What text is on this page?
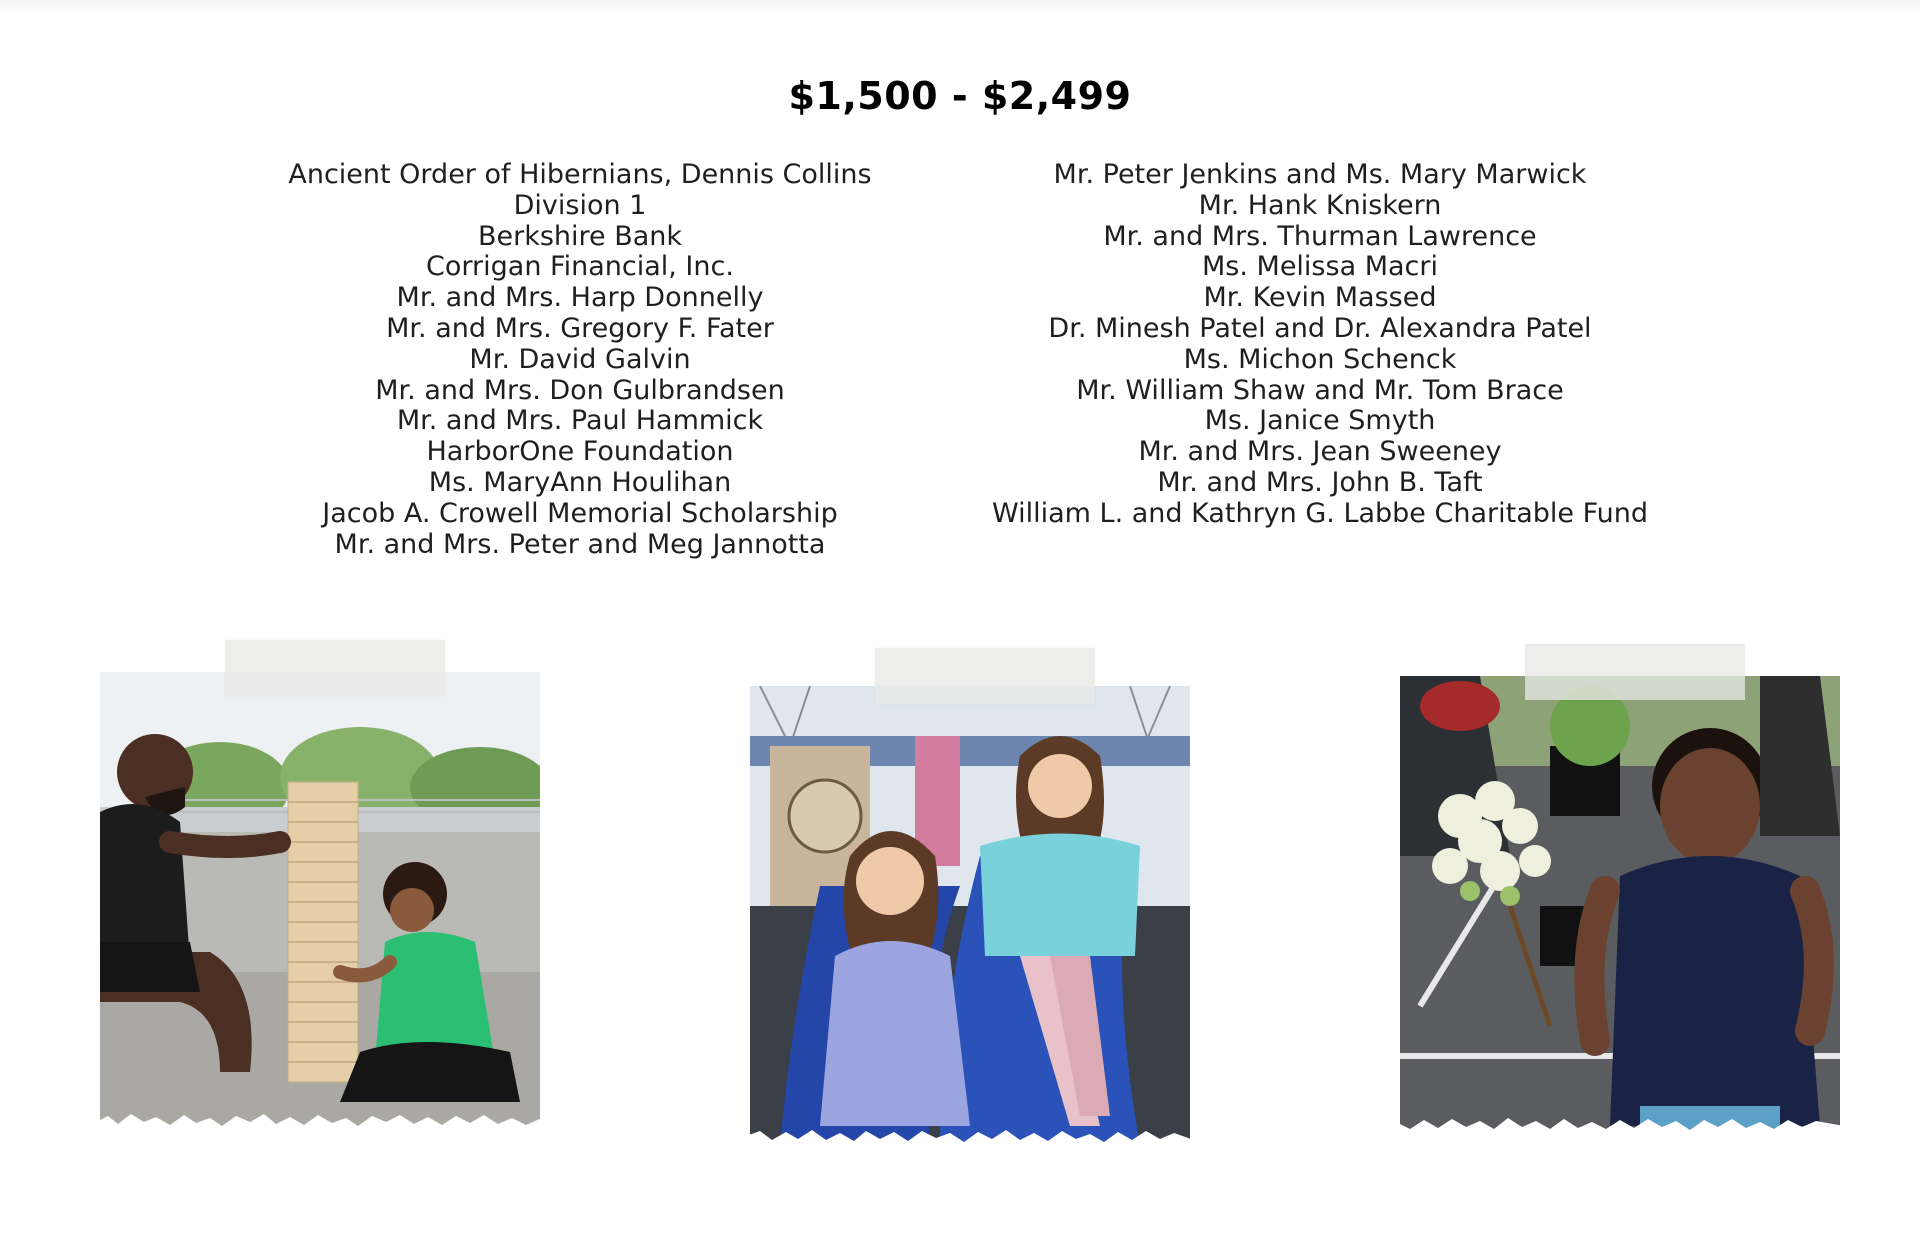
$1,500 - $2,499
Ancient Order of Hibernians, Dennis Collins Division 1
Berkshire Bank
Corrigan Financial, Inc.
Mr. and Mrs. Harp Donnelly
Mr. and Mrs. Gregory F. Fater
Mr. David Galvin
Mr. and Mrs. Don Gulbrandsen
Mr. and Mrs. Paul Hammick
HarborOne Foundation
Ms. MaryAnn Houlihan
Jacob A. Crowell Memorial Scholarship
Mr. and Mrs. Peter and Meg Jannotta
Mr. Peter Jenkins and Ms. Mary Marwick
Mr. Hank Kniskern
Mr. and Mrs. Thurman Lawrence
Ms. Melissa Macri
Mr. Kevin Massed
Dr. Minesh Patel and Dr. Alexandra Patel
Ms. Michon Schenck
Mr. William Shaw and Mr. Tom Brace
Ms. Janice Smyth
Mr. and Mrs. Jean Sweeney
Mr. and Mrs. John B. Taft
William L. and Kathryn G. Labbe Charitable Fund
